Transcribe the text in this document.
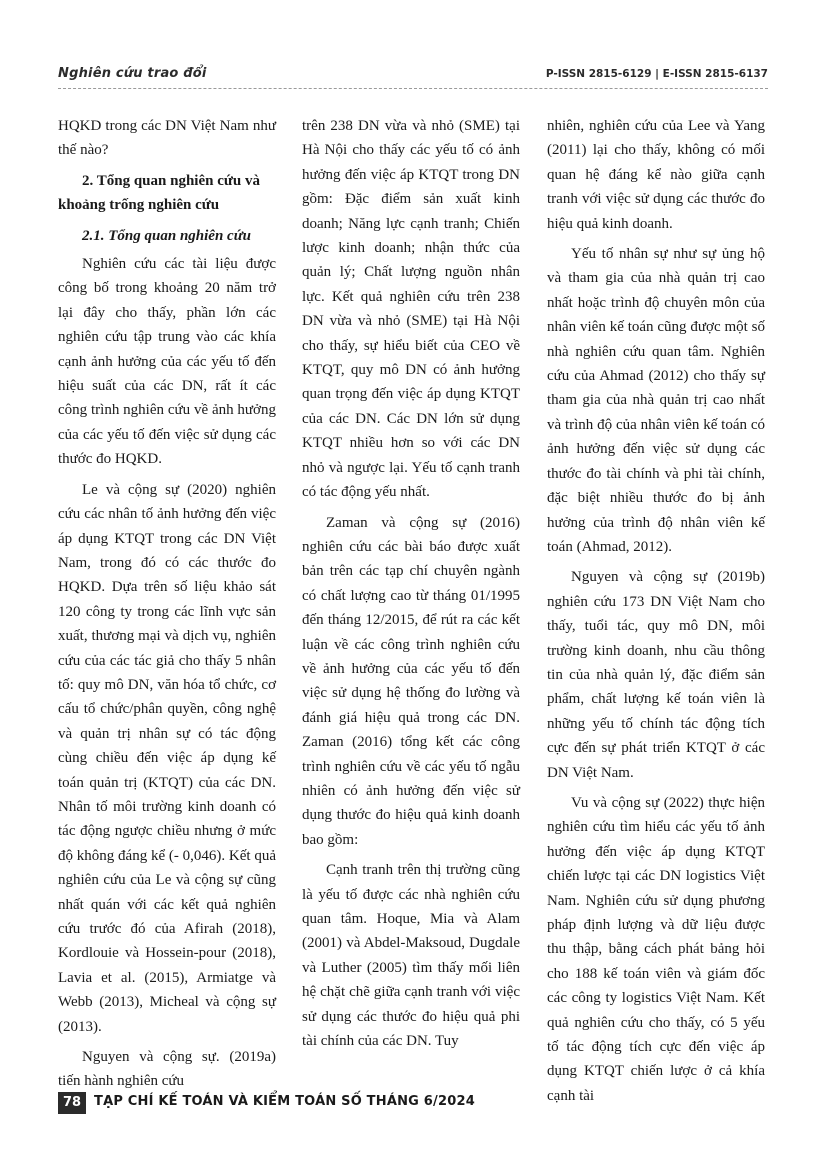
Nghiên cứu trao đổi	P-ISSN 2815-6129 | E-ISSN 2815-6137

HQKD trong các DN Việt Nam như thế nào?

2. Tổng quan nghiên cứu và khoảng trống nghiên cứu
2.1. Tổng quan nghiên cứu

Nghiên cứu các tài liệu được công bố trong khoảng 20 năm trở lại đây cho thấy, phần lớn các nghiên cứu tập trung vào các khía cạnh ảnh hưởng của các yếu tố đến hiệu suất của các DN, rất ít các công trình nghiên cứu về ảnh hưởng của các yếu tố đến việc sử dụng các thước đo HQKD.

Le và cộng sự (2020) nghiên cứu các nhân tố ảnh hưởng đến việc áp dụng KTQT trong các DN Việt Nam, trong đó có các thước đo HQKD. Dựa trên số liệu khảo sát 120 công ty trong các lĩnh vực sản xuất, thương mại và dịch vụ, nghiên cứu của các tác giả cho thấy 5 nhân tố: quy mô DN, văn hóa tổ chức, cơ cấu tổ chức/phân quyền, công nghệ và quản trị nhân sự có tác động cùng chiều đến việc áp dụng kế toán quản trị (KTQT) của các DN. Nhân tố môi trường kinh doanh có tác động ngược chiều nhưng ở mức độ không đáng kể (- 0,046). Kết quả nghiên cứu của Le và cộng sự cũng nhất quán với các kết quả nghiên cứu trước đó của Afirah (2018), Kordlouie và Hossein-pour (2018), Lavia et al. (2015), Armiatge và Webb (2013), Micheal và cộng sự (2013).

Nguyen và cộng sự. (2019a) tiến hành nghiên cứu

trên 238 DN vừa và nhỏ (SME) tại Hà Nội cho thấy các yếu tố có ảnh hưởng đến việc áp KTQT trong DN gồm: Đặc điểm sản xuất kinh doanh; Năng lực cạnh tranh; Chiến lược kinh doanh; nhận thức của quản lý; Chất lượng nguồn nhân lực. Kết quả nghiên cứu trên 238 DN vừa và nhỏ (SME) tại Hà Nội cho thấy, sự hiểu biết của CEO về KTQT, quy mô DN có ảnh hưởng quan trọng đến việc áp dụng KTQT của các DN. Các DN lớn sử dụng KTQT nhiều hơn so với các DN nhỏ và ngược lại. Yếu tố cạnh tranh có tác động yếu nhất.

Zaman và cộng sự (2016) nghiên cứu các bài báo được xuất bản trên các tạp chí chuyên ngành có chất lượng cao từ tháng 01/1995 đến tháng 12/2015, để rút ra các kết luận về các công trình nghiên cứu về ảnh hưởng của các yếu tố đến việc sử dụng hệ thống đo lường và đánh giá hiệu quả trong các DN. Zaman (2016) tổng kết các công trình nghiên cứu về các yếu tố ngẫu nhiên có ảnh hưởng đến việc sử dụng thước đo hiệu quả kinh doanh bao gồm:

Cạnh tranh trên thị trường cũng là yếu tố được các nhà nghiên cứu quan tâm. Hoque, Mia và Alam (2001) và Abdel-Maksoud, Dugdale và Luther (2005) tìm thấy mối liên hệ chặt chẽ giữa cạnh tranh với việc sử dụng các thước đo hiệu quả phi tài chính của các DN. Tuy

nhiên, nghiên cứu của Lee và Yang (2011) lại cho thấy, không có mối quan hệ đáng kể nào giữa cạnh tranh với việc sử dụng các thước đo hiệu quả kinh doanh.

Yếu tố nhân sự như sự ủng hộ và tham gia của nhà quản trị cao nhất hoặc trình độ chuyên môn của nhân viên kế toán cũng được một số nhà nghiên cứu quan tâm. Nghiên cứu của Ahmad (2012) cho thấy sự tham gia của nhà quản trị cao nhất và trình độ của nhân viên kế toán có ảnh hưởng đến việc sử dụng các thước đo tài chính và phi tài chính, đặc biệt nhiều thước đo bị ảnh hưởng của trình độ nhân viên kế toán (Ahmad, 2012).

Nguyen và cộng sự (2019b) nghiên cứu 173 DN Việt Nam cho thấy, tuổi tác, quy mô DN, môi trường kinh doanh, nhu cầu thông tin của nhà quản lý, đặc điểm sản phẩm, chất lượng kế toán viên là những yếu tố chính tác động tích cực đến sự phát triển KTQT ở các DN Việt Nam.

Vu và cộng sự (2022) thực hiện nghiên cứu tìm hiểu các yếu tố ảnh hưởng đến việc áp dụng KTQT chiến lược tại các DN logistics Việt Nam. Nghiên cứu sử dụng phương pháp định lượng và dữ liệu được thu thập, bằng cách phát bảng hỏi cho 188 kế toán viên và giám đốc các công ty logistics Việt Nam. Kết quả nghiên cứu cho thấy, có 5 yếu tố tác động tích cực đến việc áp dụng KTQT chiến lược ở cả khía cạnh tài

78 TẠP CHÍ KẾ TOÁN VÀ KIỂM TOÁN SỐ THÁNG 6/2024
